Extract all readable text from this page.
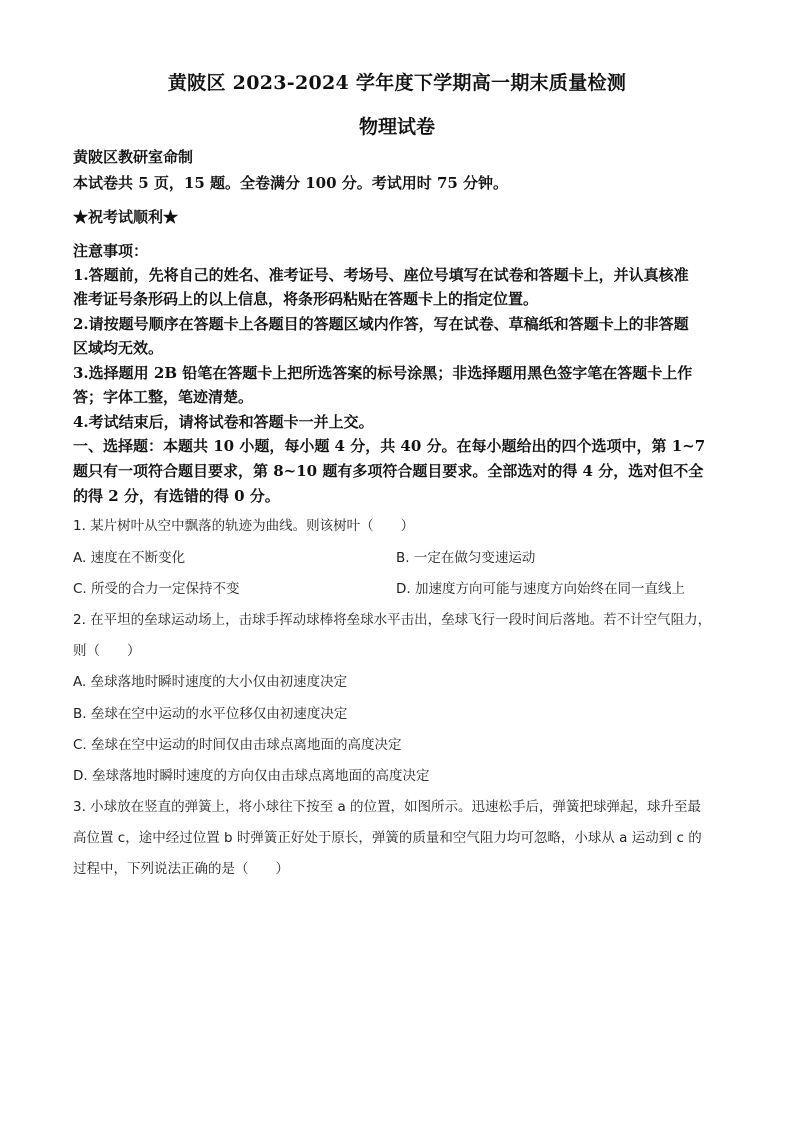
黄陂区 2023-2024 学年度下学期高一期末质量检测
物理试卷
黄陂区教研室命制
本试卷共 5 页，15 题。全卷满分 100 分。考试用时 75 分钟。
★祝考试顺利★
注意事项：
1.答题前，先将自己的姓名、准考证号、考场号、座位号填写在试卷和答题卡上，并认真核准
准考证号条形码上的以上信息，将条形码粘贴在答题卡上的指定位置。
2.请按题号顺序在答题卡上各题目的答题区域内作答，写在试卷、草稿纸和答题卡上的非答题
区域均无效。
3.选择题用 2B 铅笔在答题卡上把所选答案的标号涂黑；非选择题用黑色签字笔在答题卡上作
答；字体工整，笔迹清楚。
4.考试结束后，请将试卷和答题卡一并上交。
一、选择题：本题共 10 小题，每小题 4 分，共 40 分。在每小题给出的四个选项中，第 1~7
题只有一项符合题目要求，第 8~10 题有多项符合题目要求。全部选对的得 4 分，选对但不全
的得 2 分，有选错的得 0 分。
1. 某片树叶从空中飘落的轨迹为曲线。则该树叶（　　）
A. 速度在不断变化	B. 一定在做匀变速运动
C. 所受的合力一定保持不变	D. 加速度方向可能与速度方向始终在同一直线上
2. 在平坦的垒球运动场上，击球手挥动球棒将垒球水平击出，垒球飞行一段时间后落地。若不计空气阻力，
则（　　）
A. 垒球落地时瞬时速度的大小仅由初速度决定
B. 垒球在空中运动的水平位移仅由初速度决定
C. 垒球在空中运动的时间仅由击球点离地面的高度决定
D. 垒球落地时瞬时速度的方向仅由击球点离地面的高度决定
3. 小球放在竖直的弹簧上，将小球往下按至 a 的位置，如图所示。迅速松手后，弹簧把球弹起，球升至最
高位置 c，途中经过位置 b 时弹簧正好处于原长，弹簧的质量和空气阻力均可忽略，小球从 a 运动到 c 的
过程中，下列说法正确的是（　　）
